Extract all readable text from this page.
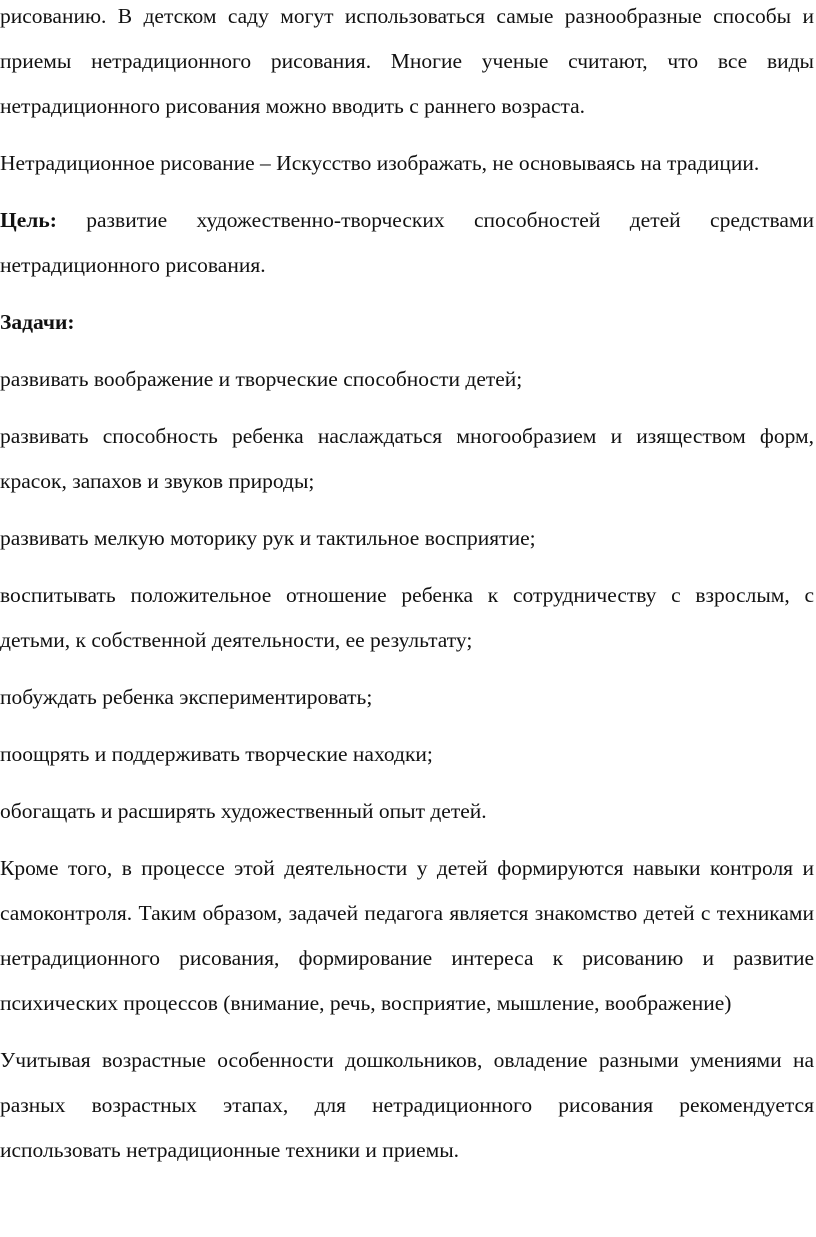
рисованию. В детском саду могут использоваться самые разнообразные способы и приемы нетрадиционного рисования. Многие ученые считают, что все виды нетрадиционного рисования можно вводить с раннего возраста.

Нетрадиционное рисование – Искусство изображать, не основываясь на традиции.

Цель: развитие художественно-творческих способностей детей средствами нетрадиционного рисования.

Задачи:

развивать воображение и творческие способности детей;

развивать способность ребенка наслаждаться многообразием и изяществом форм, красок, запахов и звуков природы;

развивать мелкую моторику рук и тактильное восприятие;

воспитывать положительное отношение ребенка к сотрудничеству с взрослым, с детьми, к собственной деятельности, ее результату;

побуждать ребенка экспериментировать;

поощрять и поддерживать творческие находки;

обогащать и расширять художественный опыт детей.

Кроме того, в процессе этой деятельности у детей формируются навыки контроля и самоконтроля. Таким образом, задачей педагога является знакомство детей с техниками нетрадиционного рисования, формирование интереса к рисованию и развитие психических процессов (внимание, речь, восприятие, мышление, воображение)

Учитывая возрастные особенности дошкольников, овладение разными умениями на разных возрастных этапах, для нетрадиционного рисования рекомендуется использовать нетрадиционные техники и приемы.
